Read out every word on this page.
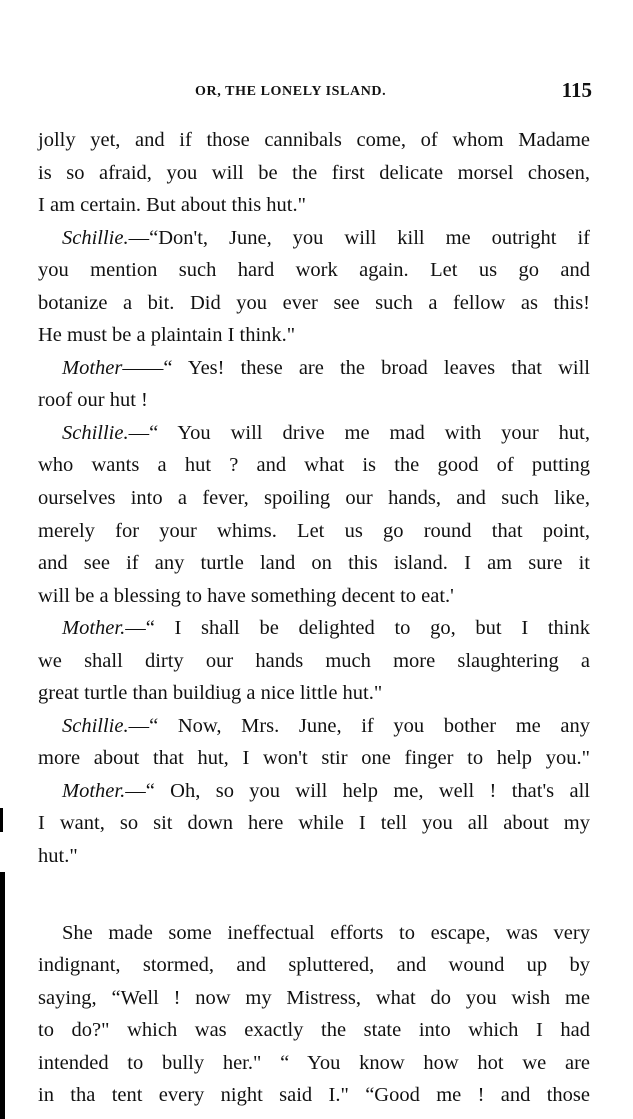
OR, THE LONELY ISLAND.	115
jolly yet, and if those cannibals come, of whom Madame
is so afraid, you will be the first delicate morsel chosen,
I am certain. But about this hut."
Schillie.—“Don't, June, you will kill me outright if
you mention such hard work again. Let us go and
botanize a bit. Did you ever see such a fellow as this!
He must be a plaintain I think."
Mother——“ Yes! these are the broad leaves that will
roof our hut !
Schillie.—“ You will drive me mad with your hut,
who wants a hut ? and what is the good of putting
ourselves into a fever, spoiling our hands, and such like,
merely for your whims. Let us go round that point,
and see if any turtle land on this island. I am sure it
will be a blessing to have something decent to eat.'
Mother.—“ I shall be delighted to go, but I think
we shall dirty our hands much more slaughtering a
great turtle than buildiug a nice little hut."
Schillie.—“ Now, Mrs. June, if you bother me any
more about that hut, I won't stir one finger to help you."
Mother.—“ Oh, so you will help me, well ! that's all
I want, so sit down here while I tell you all about my
hut."
She made some ineffectual efforts to escape, was very
indignant, stormed, and spluttered, and wound up by
saying, “Well ! now my Mistress, what do you wish me
to do?" which was exactly the state into which I had
intended to bully her." “ You know how hot we are
in tha tent every night said I." “Good me ! and those
